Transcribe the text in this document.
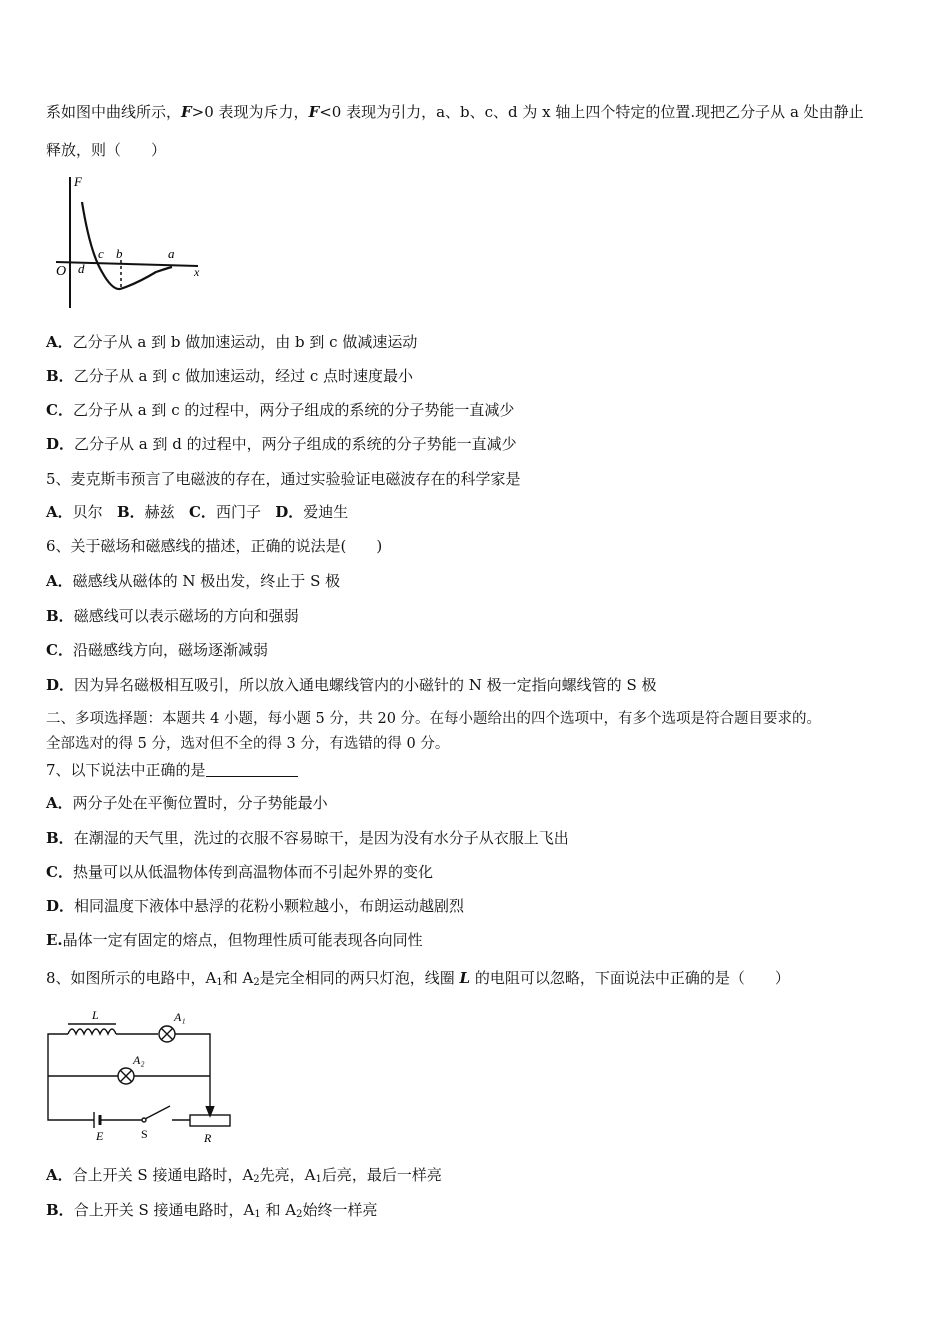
系如图中曲线所示，F>0 表现为斥力，F<0 表现为引力，a、b、c、d 为 x 轴上四个特定的位置.现把乙分子从 a 处由静止
释放，则（　　）
F
x
O d
c b	a
A．乙分子从 a 到 b 做加速运动，由 b 到 c 做减速运动
B．乙分子从 a 到 c 做加速运动，经过 c 点时速度最小
C．乙分子从 a 到 c 的过程中，两分子组成的系统的分子势能一直减少
D．乙分子从 a 到 d 的过程中，两分子组成的系统的分子势能一直减少
5、麦克斯韦预言了电磁波的存在，通过实验验证电磁波存在的科学家是
A．贝尔 B．赫兹 C．西门子 D．爱迪生
6、关于磁场和磁感线的描述，正确的说法是(　　)
A．磁感线从磁体的 N 极出发，终止于 S 极
B．磁感线可以表示磁场的方向和强弱
C．沿磁感线方向，磁场逐渐减弱
D．因为异名磁极相互吸引，所以放入通电螺线管内的小磁针的 N 极一定指向螺线管的 S 极
二、多项选择题：本题共 4 小题，每小题 5 分，共 20 分。在每小题给出的四个选项中，有多个选项是符合题目要求的。
全部选对的得 5 分，选对但不全的得 3 分，有选错的得 0 分。
7、以下说法中正确的是
A．两分子处在平衡位置时，分子势能最小
B．在潮湿的天气里，洗过的衣服不容易晾干，是因为没有水分子从衣服上飞出
C．热量可以从低温物体传到高温物体而不引起外界的变化
D．相同温度下液体中悬浮的花粉小颗粒越小，布朗运动越剧烈
E.晶体一定有固定的熔点，但物理性质可能表现各向同性
8、如图所示的电路中，$A_1$和 $A_2$是完全相同的两只灯泡，线圈 L 的电阻可以忽略，下面说法中正确的是（　　）
L	A₁
A₂
E	S	R
A．合上开关 S 接通电路时，$A_2$先亮，$A_1$后亮，最后一样亮
B．合上开关 S 接通电路时，$A_1$ 和 $A_2$始终一样亮
